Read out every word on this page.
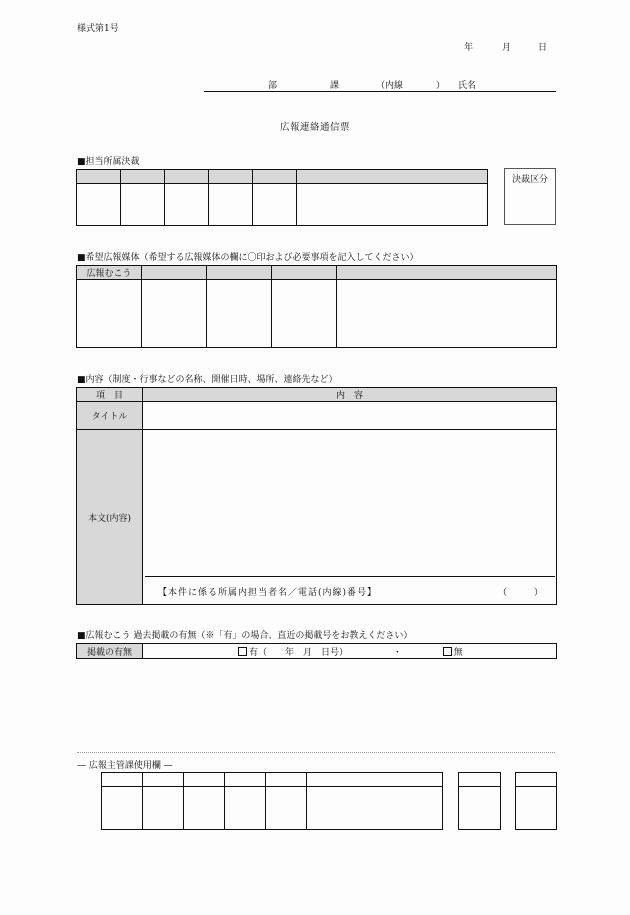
様式第1号
年	月	日
部	課	（内線	） 氏名
広報連絡通信票
■担当所属決裁

決裁区分
■希望広報媒体（希望する広報媒体の欄に〇印および必要事項を記入してください）
広報むこう				

■内容（制度・行事などの名称、開催日時、場所、連絡先など）
項　目	内　容
タイトル	
本文(内容)	
【本件に係る所属内担当者名／電話(内線)番号】	（　　　）
■広報むこう 過去掲載の有無（※「有」の場合、直近の掲載号をお教えください）
掲載の有無	有（　　年　月　日号）	・	無
— 広報主管課使用欄 —
